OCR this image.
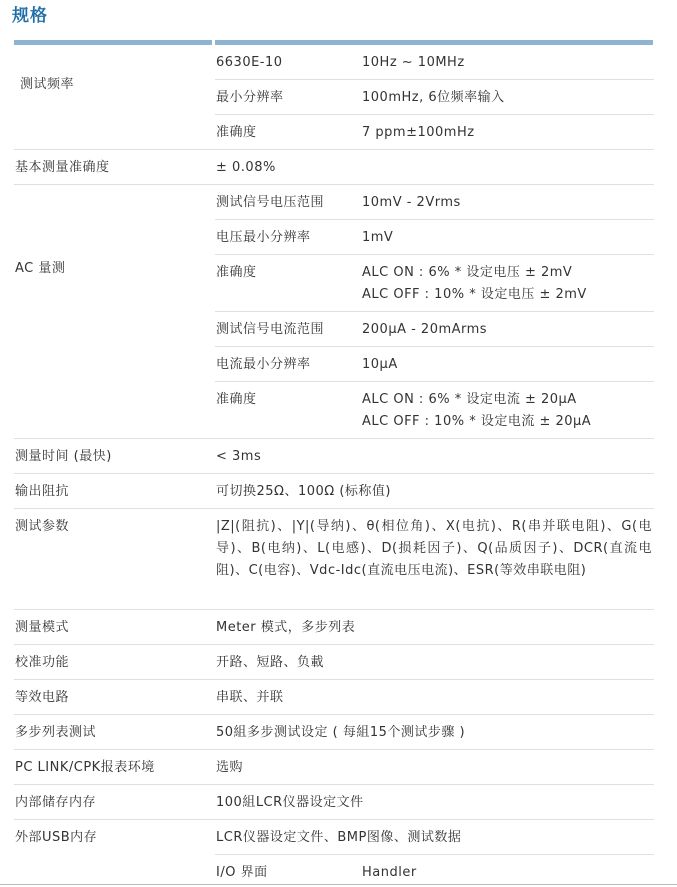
规格
测试频率
6630E-10	10Hz ~ 10MHz
最小分辨率	100mHz, 6位频率输入
准确度	7 ppm±100mHz
基本测量准确度	± 0.08%
AC 量测
测试信号电压范围	10mV - 2Vrms
电压最小分辨率	1mV
准确度	ALC ON : 6% * 设定电压 ± 2mV
ALC OFF : 10% * 设定电压 ± 2mV
测试信号电流范围	200µA - 20mArms
电流最小分辨率	10µA
准确度	ALC ON : 6% * 设定电流 ± 20µA
ALC OFF : 10% * 设定电流 ± 20µA
测量时间 (最快)	< 3ms
输出阻抗	可切换25Ω、100Ω (标称值)
测试参数	|Z|(阻抗)、|Y|(导纳)、θ(相位角)、X(电抗)、R(串并联电阻)、G(电导)、B(电纳)、L(电感)、D(损耗因子)、Q(品质因子)、DCR(直流电阻)、C(电容)、Vdc-Idc(直流电压电流)、ESR(等效串联电阻)
测量模式	Meter 模式，多步列表
校准功能	开路、短路、负載
等效电路	串联、并联
多步列表测试	50組多步测试设定 ( 每組15个测试步骤 )
PC LINK/CPK报表环境	选购
内部储存内存	100組LCR仪器设定文件
外部USB内存	LCR仪器设定文件、BMP图像、测试数据
I/O 界面	Handler
